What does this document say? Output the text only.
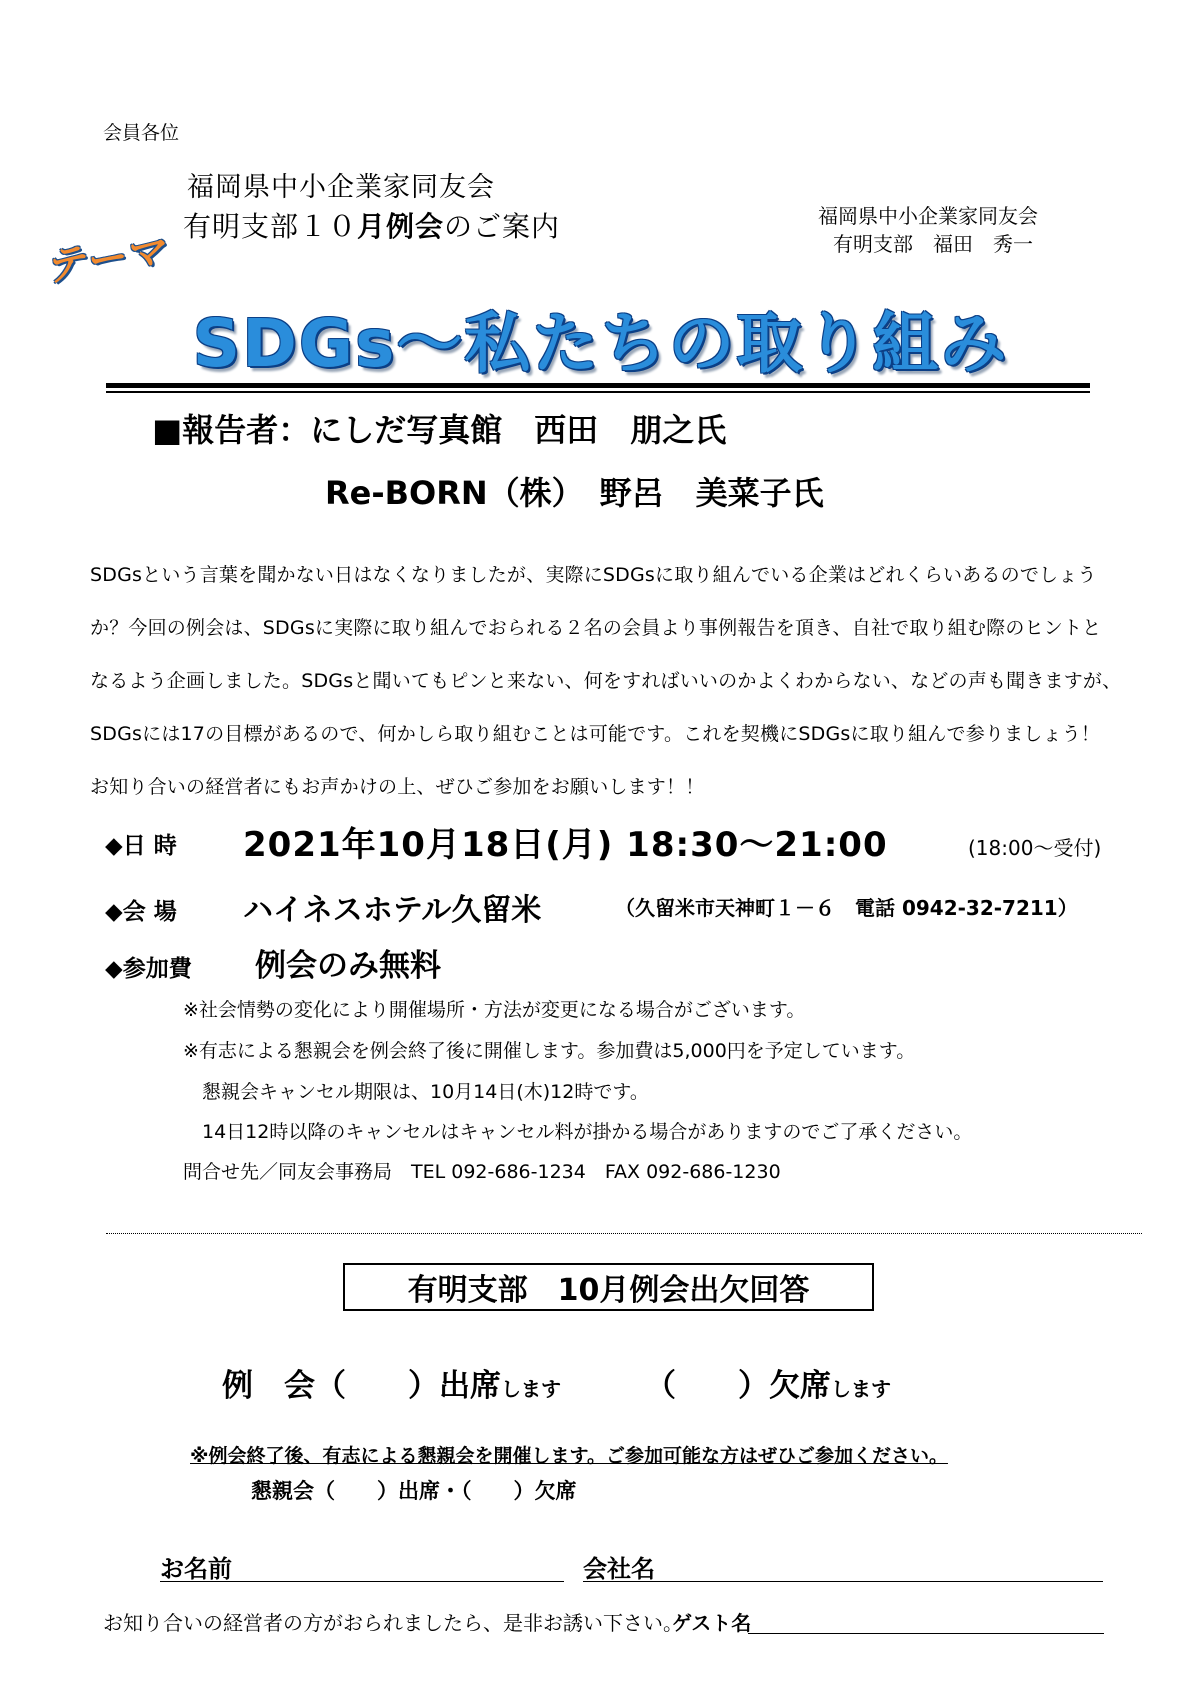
会員各位
福岡県中小企業家同友会
有明支部１０月例会のご案内	福岡県中小企業家同友会
有明支部　福田　秀一
テーマ
SDGs～私たちの取り組み
■報告者：にしだ写真館　西田　朋之氏
Re-BORN（株）　野呂　美菜子氏
SDGsという言葉を聞かない日はなくなりましたが、実際にSDGsに取り組んでいる企業はどれくらいあるのでしょう
か？今回の例会は、SDGsに実際に取り組んでおられる２名の会員より事例報告を頂き、自社で取り組む際のヒントと
なるよう企画しました。SDGsと聞いてもピンと来ない、何をすればいいのかよくわからない、などの声も聞きますが、
SDGsには17の目標があるので、何かしら取り組むことは可能です。これを契機にSDGsに取り組んで参りましょう！
お知り合いの経営者にもお声かけの上、ぜひご参加をお願いします！！
◆日 時 2021年10月18日(月) 18:30～21:00	(18:00～受付)
◆会 場 ハイネスホテル久留米	（久留米市天神町１－６　電話 0942-32-7211）
◆参加費 例会のみ無料
※社会情勢の変化により開催場所・方法が変更になる場合がございます。
※有志による懇親会を例会終了後に開催します。参加費は5,000円を予定しています。
懇親会キャンセル期限は、10月14日(木)12時です。
14日12時以降のキャンセルはキャンセル料が掛かる場合がありますのでご了承ください。
問合せ先／同友会事務局　TEL 092-686-1234　FAX 092-686-1230
有明支部　10月例会出欠回答
例　会（　　）出席します	（　　）欠席します
※例会終了後、有志による懇親会を開催します。ご参加可能な方はぜひご参加ください。
懇親会（　　）出席・（　　）欠席
お名前	会社名
お知り合いの経営者の方がおられましたら、是非お誘い下さい。
ゲスト名
